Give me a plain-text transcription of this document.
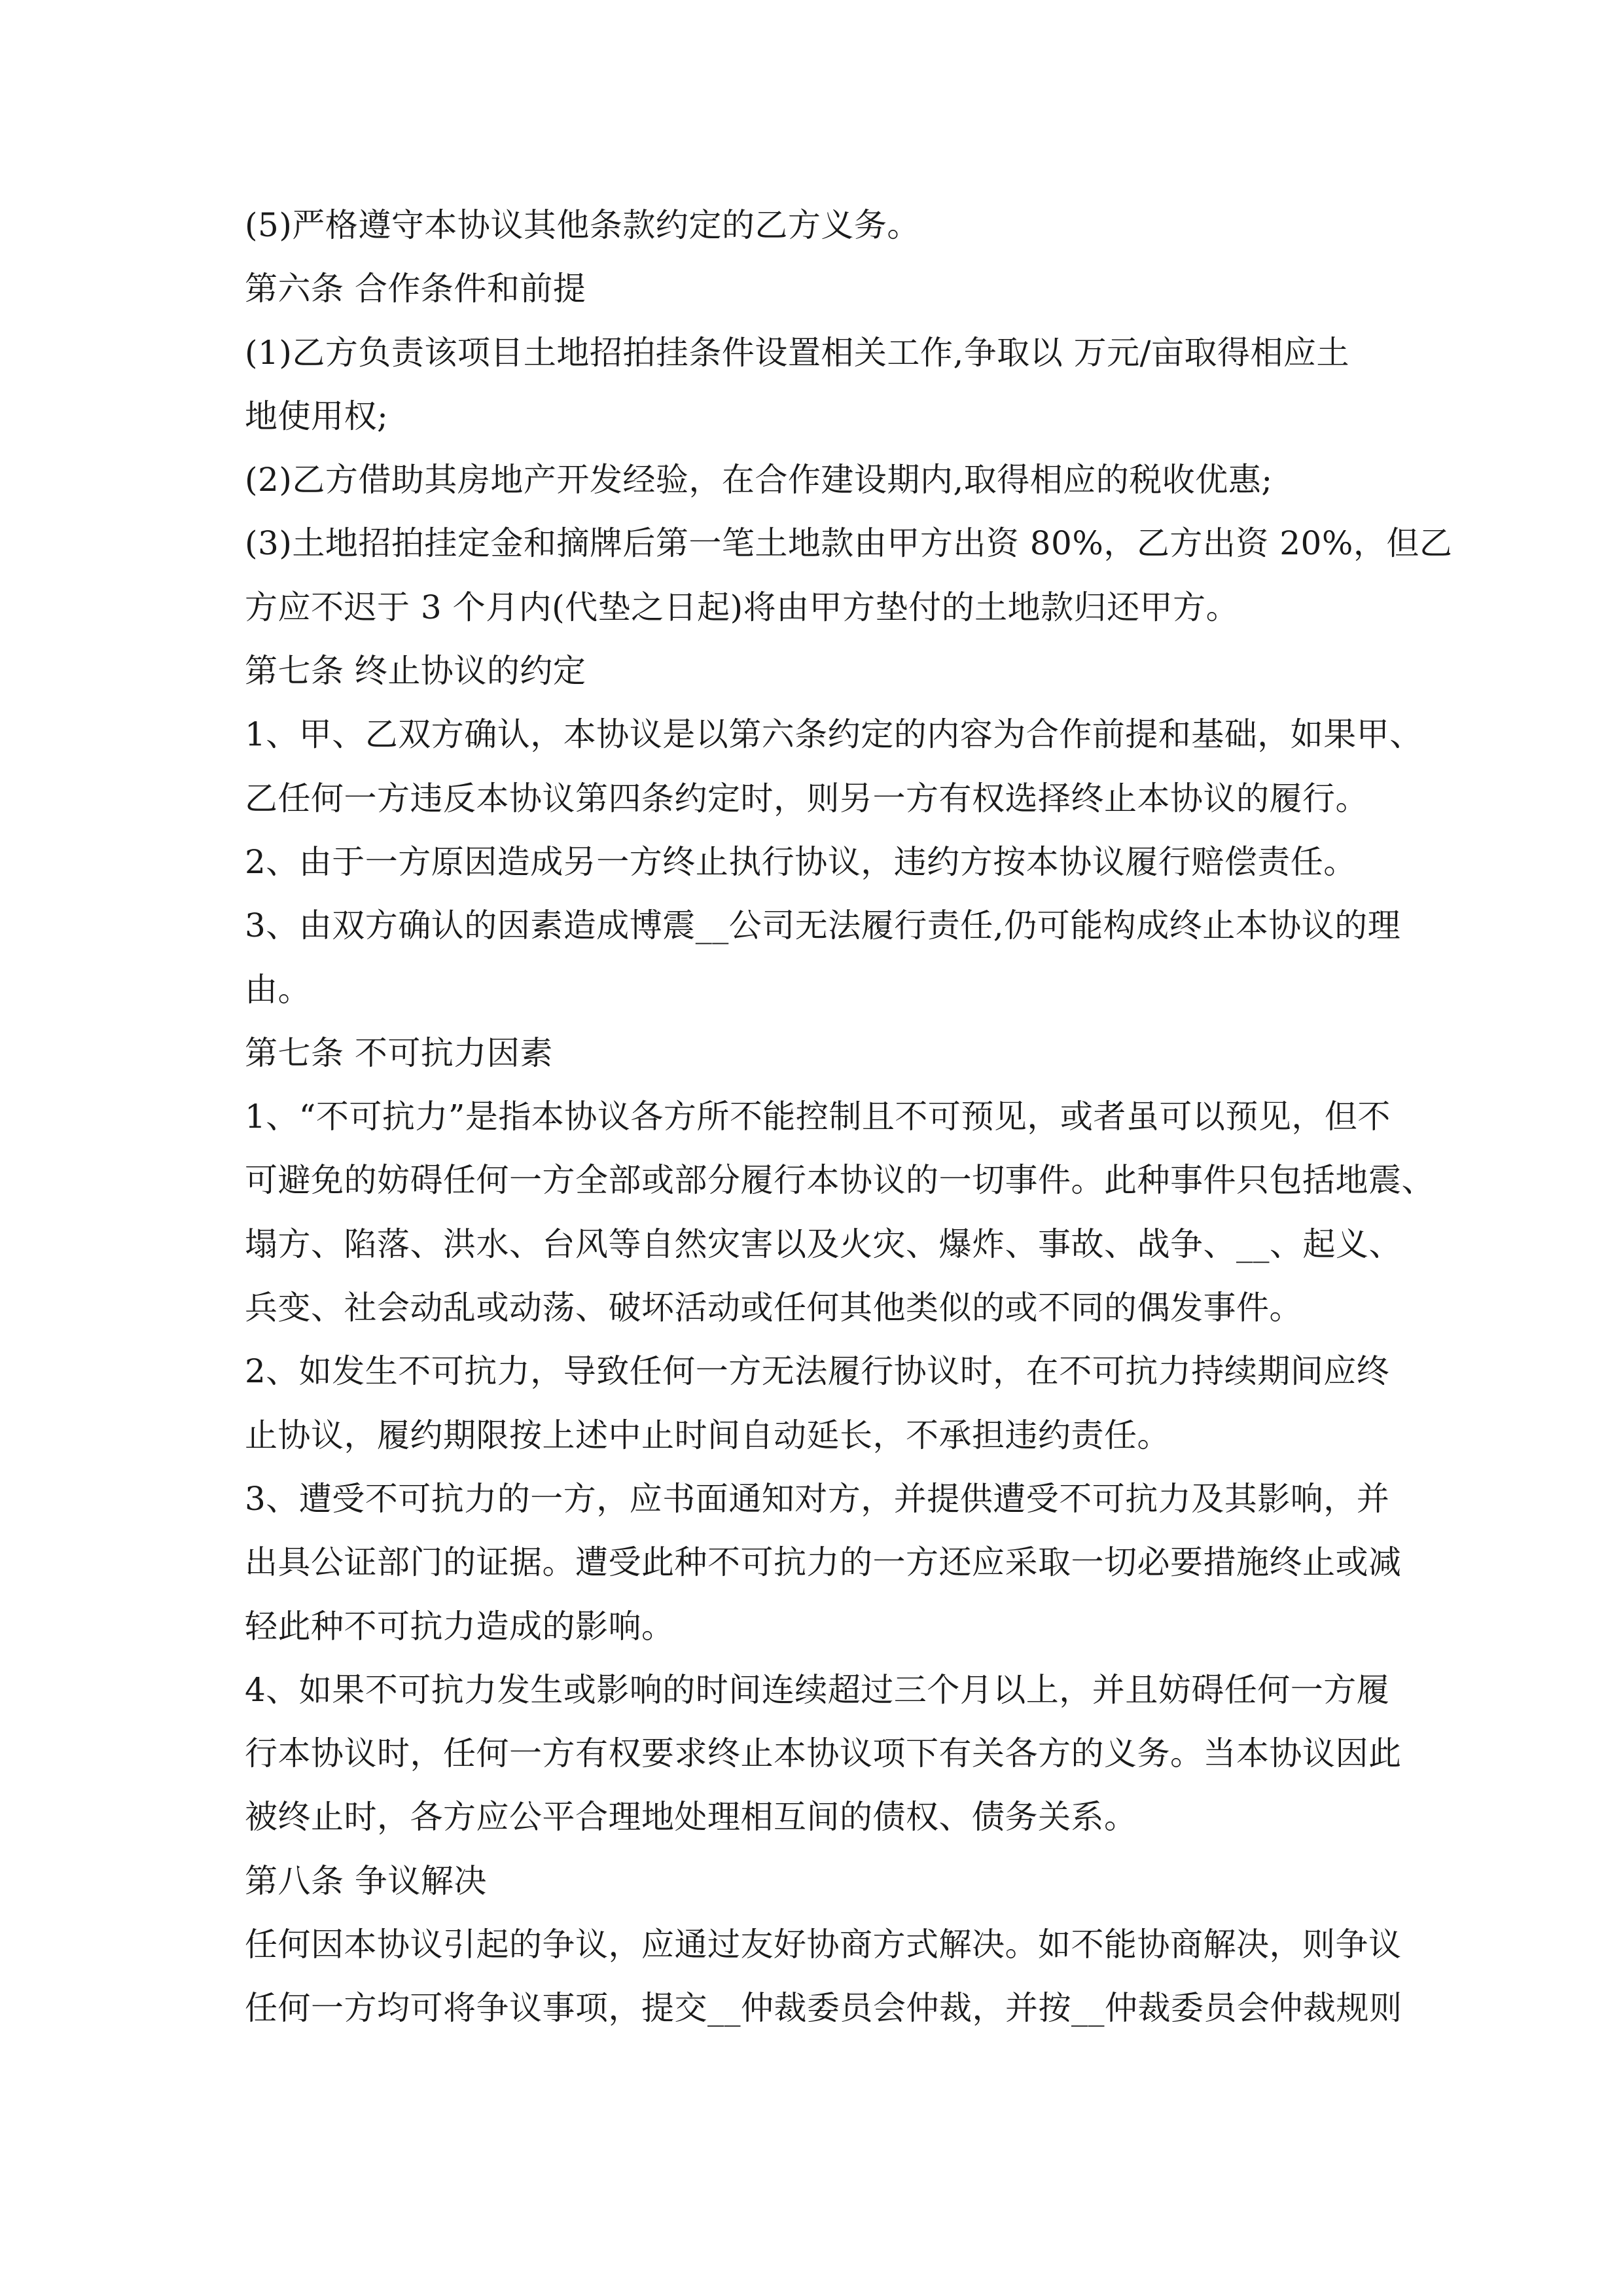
(5)严格遵守本协议其他条款约定的乙方义务。
第六条 合作条件和前提
(1)乙方负责该项目土地招拍挂条件设置相关工作,争取以 万元/亩取得相应土
地使用权;
(2)乙方借助其房地产开发经验，在合作建设期内,取得相应的税收优惠;
(3)土地招拍挂定金和摘牌后第一笔土地款由甲方出资 80%，乙方出资 20%，但乙
方应不迟于 3 个月内(代垫之日起)将由甲方垫付的土地款归还甲方。
第七条 终止协议的约定
1、甲、乙双方确认，本协议是以第六条约定的内容为合作前提和基础，如果甲、
乙任何一方违反本协议第四条约定时，则另一方有权选择终止本协议的履行。
2、由于一方原因造成另一方终止执行协议，违约方按本协议履行赔偿责任。
3、由双方确认的因素造成博震__公司无法履行责任,仍可能构成终止本协议的理
由。
第七条 不可抗力因素
1、“不可抗力”是指本协议各方所不能控制且不可预见，或者虽可以预见，但不
可避免的妨碍任何一方全部或部分履行本协议的一切事件。此种事件只包括地震、
塌方、陷落、洪水、台风等自然灾害以及火灾、爆炸、事故、战争、__、起义、
兵变、社会动乱或动荡、破坏活动或任何其他类似的或不同的偶发事件。
2、如发生不可抗力，导致任何一方无法履行协议时，在不可抗力持续期间应终
止协议，履约期限按上述中止时间自动延长，不承担违约责任。
3、遭受不可抗力的一方，应书面通知对方，并提供遭受不可抗力及其影响，并
出具公证部门的证据。遭受此种不可抗力的一方还应采取一切必要措施终止或减
轻此种不可抗力造成的影响。
4、如果不可抗力发生或影响的时间连续超过三个月以上，并且妨碍任何一方履
行本协议时，任何一方有权要求终止本协议项下有关各方的义务。当本协议因此
被终止时，各方应公平合理地处理相互间的债权、债务关系。
第八条 争议解决
任何因本协议引起的争议，应通过友好协商方式解决。如不能协商解决，则争议
任何一方均可将争议事项，提交__仲裁委员会仲裁，并按__仲裁委员会仲裁规则
